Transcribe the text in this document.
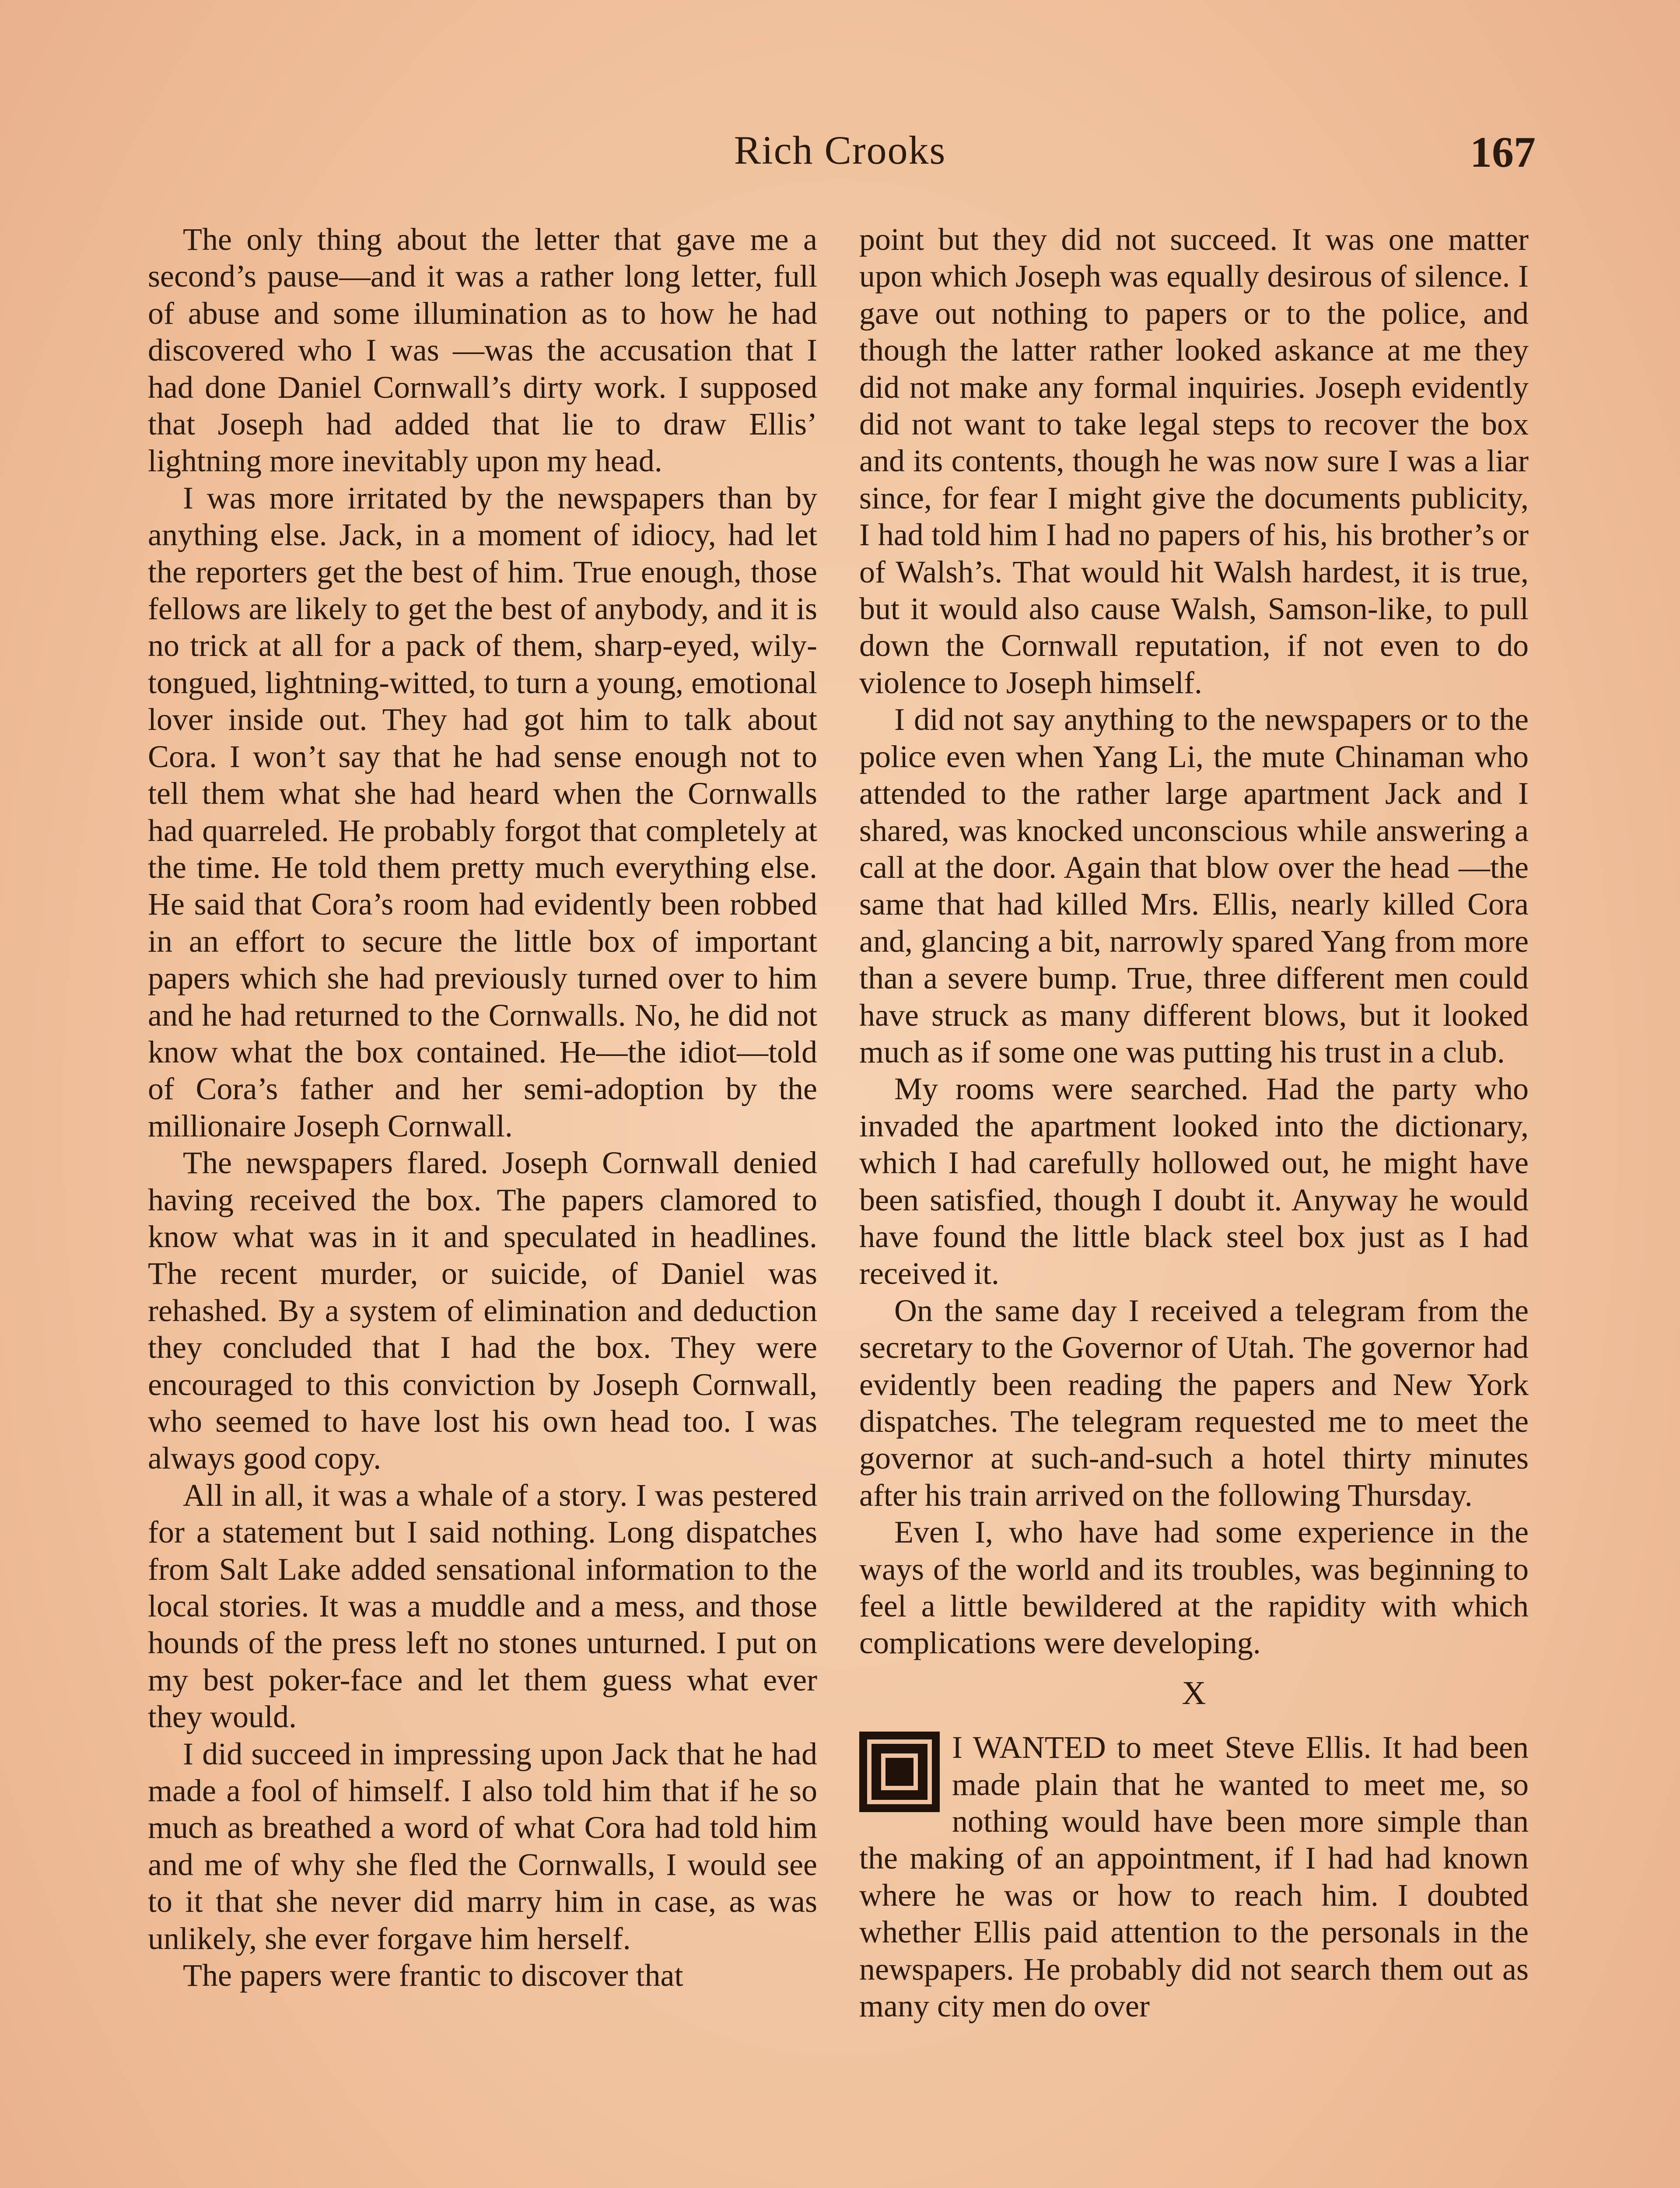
Rich Crooks	167

The only thing about the letter that gave me a second’s pause—and it was a rather long letter, full of abuse and some illumination as to how he had discovered who I was —was the accusation that I had done Daniel Cornwall’s dirty work. I supposed that Joseph had added that lie to draw Ellis’ lightning more inevitably upon my head.

I was more irritated by the newspapers than by anything else. Jack, in a moment of idiocy, had let the reporters get the best of him. True enough, those fellows are likely to get the best of anybody, and it is no trick at all for a pack of them, sharp-eyed, wily-tongued, lightning-witted, to turn a young, emotional lover inside out. They had got him to talk about Cora. I won’t say that he had sense enough not to tell them what she had heard when the Cornwalls had quarreled. He probably forgot that completely at the time. He told them pretty much everything else. He said that Cora’s room had evidently been robbed in an effort to secure the little box of important papers which she had previously turned over to him and he had returned to the Cornwalls. No, he did not know what the box contained. He—the idiot—told of Cora’s father and her semi-adoption by the millionaire Joseph Cornwall.

The newspapers flared. Joseph Cornwall denied having received the box. The papers clamored to know what was in it and speculated in headlines. The recent murder, or suicide, of Daniel was rehashed. By a system of elimination and deduction they concluded that I had the box. They were encouraged to this conviction by Joseph Cornwall, who seemed to have lost his own head too. I was always good copy.

All in all, it was a whale of a story. I was pestered for a statement but I said nothing. Long dispatches from Salt Lake added sensational information to the local stories. It was a muddle and a mess, and those hounds of the press left no stones unturned. I put on my best poker-face and let them guess what ever they would.

I did succeed in impressing upon Jack that he had made a fool of himself. I also told him that if he so much as breathed a word of what Cora had told him and me of why she fled the Cornwalls, I would see to it that she never did marry him in case, as was unlikely, she ever forgave him herself.

The papers were frantic to discover that

point but they did not succeed. It was one matter upon which Joseph was equally desirous of silence. I gave out nothing to papers or to the police, and though the latter rather looked askance at me they did not make any formal inquiries. Joseph evidently did not want to take legal steps to recover the box and its contents, though he was now sure I was a liar since, for fear I might give the documents publicity, I had told him I had no papers of his, his brother’s or of Walsh’s. That would hit Walsh hardest, it is true, but it would also cause Walsh, Samson-like, to pull down the Cornwall reputation, if not even to do violence to Joseph himself.

I did not say anything to the newspapers or to the police even when Yang Li, the mute Chinaman who attended to the rather large apartment Jack and I shared, was knocked unconscious while answering a call at the door. Again that blow over the head —the same that had killed Mrs. Ellis, nearly killed Cora and, glancing a bit, narrowly spared Yang from more than a severe bump. True, three different men could have struck as many different blows, but it looked much as if some one was putting his trust in a club.

My rooms were searched. Had the party who invaded the apartment looked into the dictionary, which I had carefully hollowed out, he might have been satisfied, though I doubt it. Anyway he would have found the little black steel box just as I had received it.

On the same day I received a telegram from the secretary to the Governor of Utah. The governor had evidently been reading the papers and New York dispatches. The telegram requested me to meet the governor at such-and-such a hotel thirty minutes after his train arrived on the following Thursday.

Even I, who have had some experience in the ways of the world and its troubles, was beginning to feel a little bewildered at the rapidity with which complications were developing.

X

I WANTED to meet Steve Ellis. It had been made plain that he wanted to meet me, so nothing would have been more simple than the making of an appointment, if I had had known where he was or how to reach him. I doubted whether Ellis paid attention to the personals in the newspapers. He probably did not search them out as many city men do over
